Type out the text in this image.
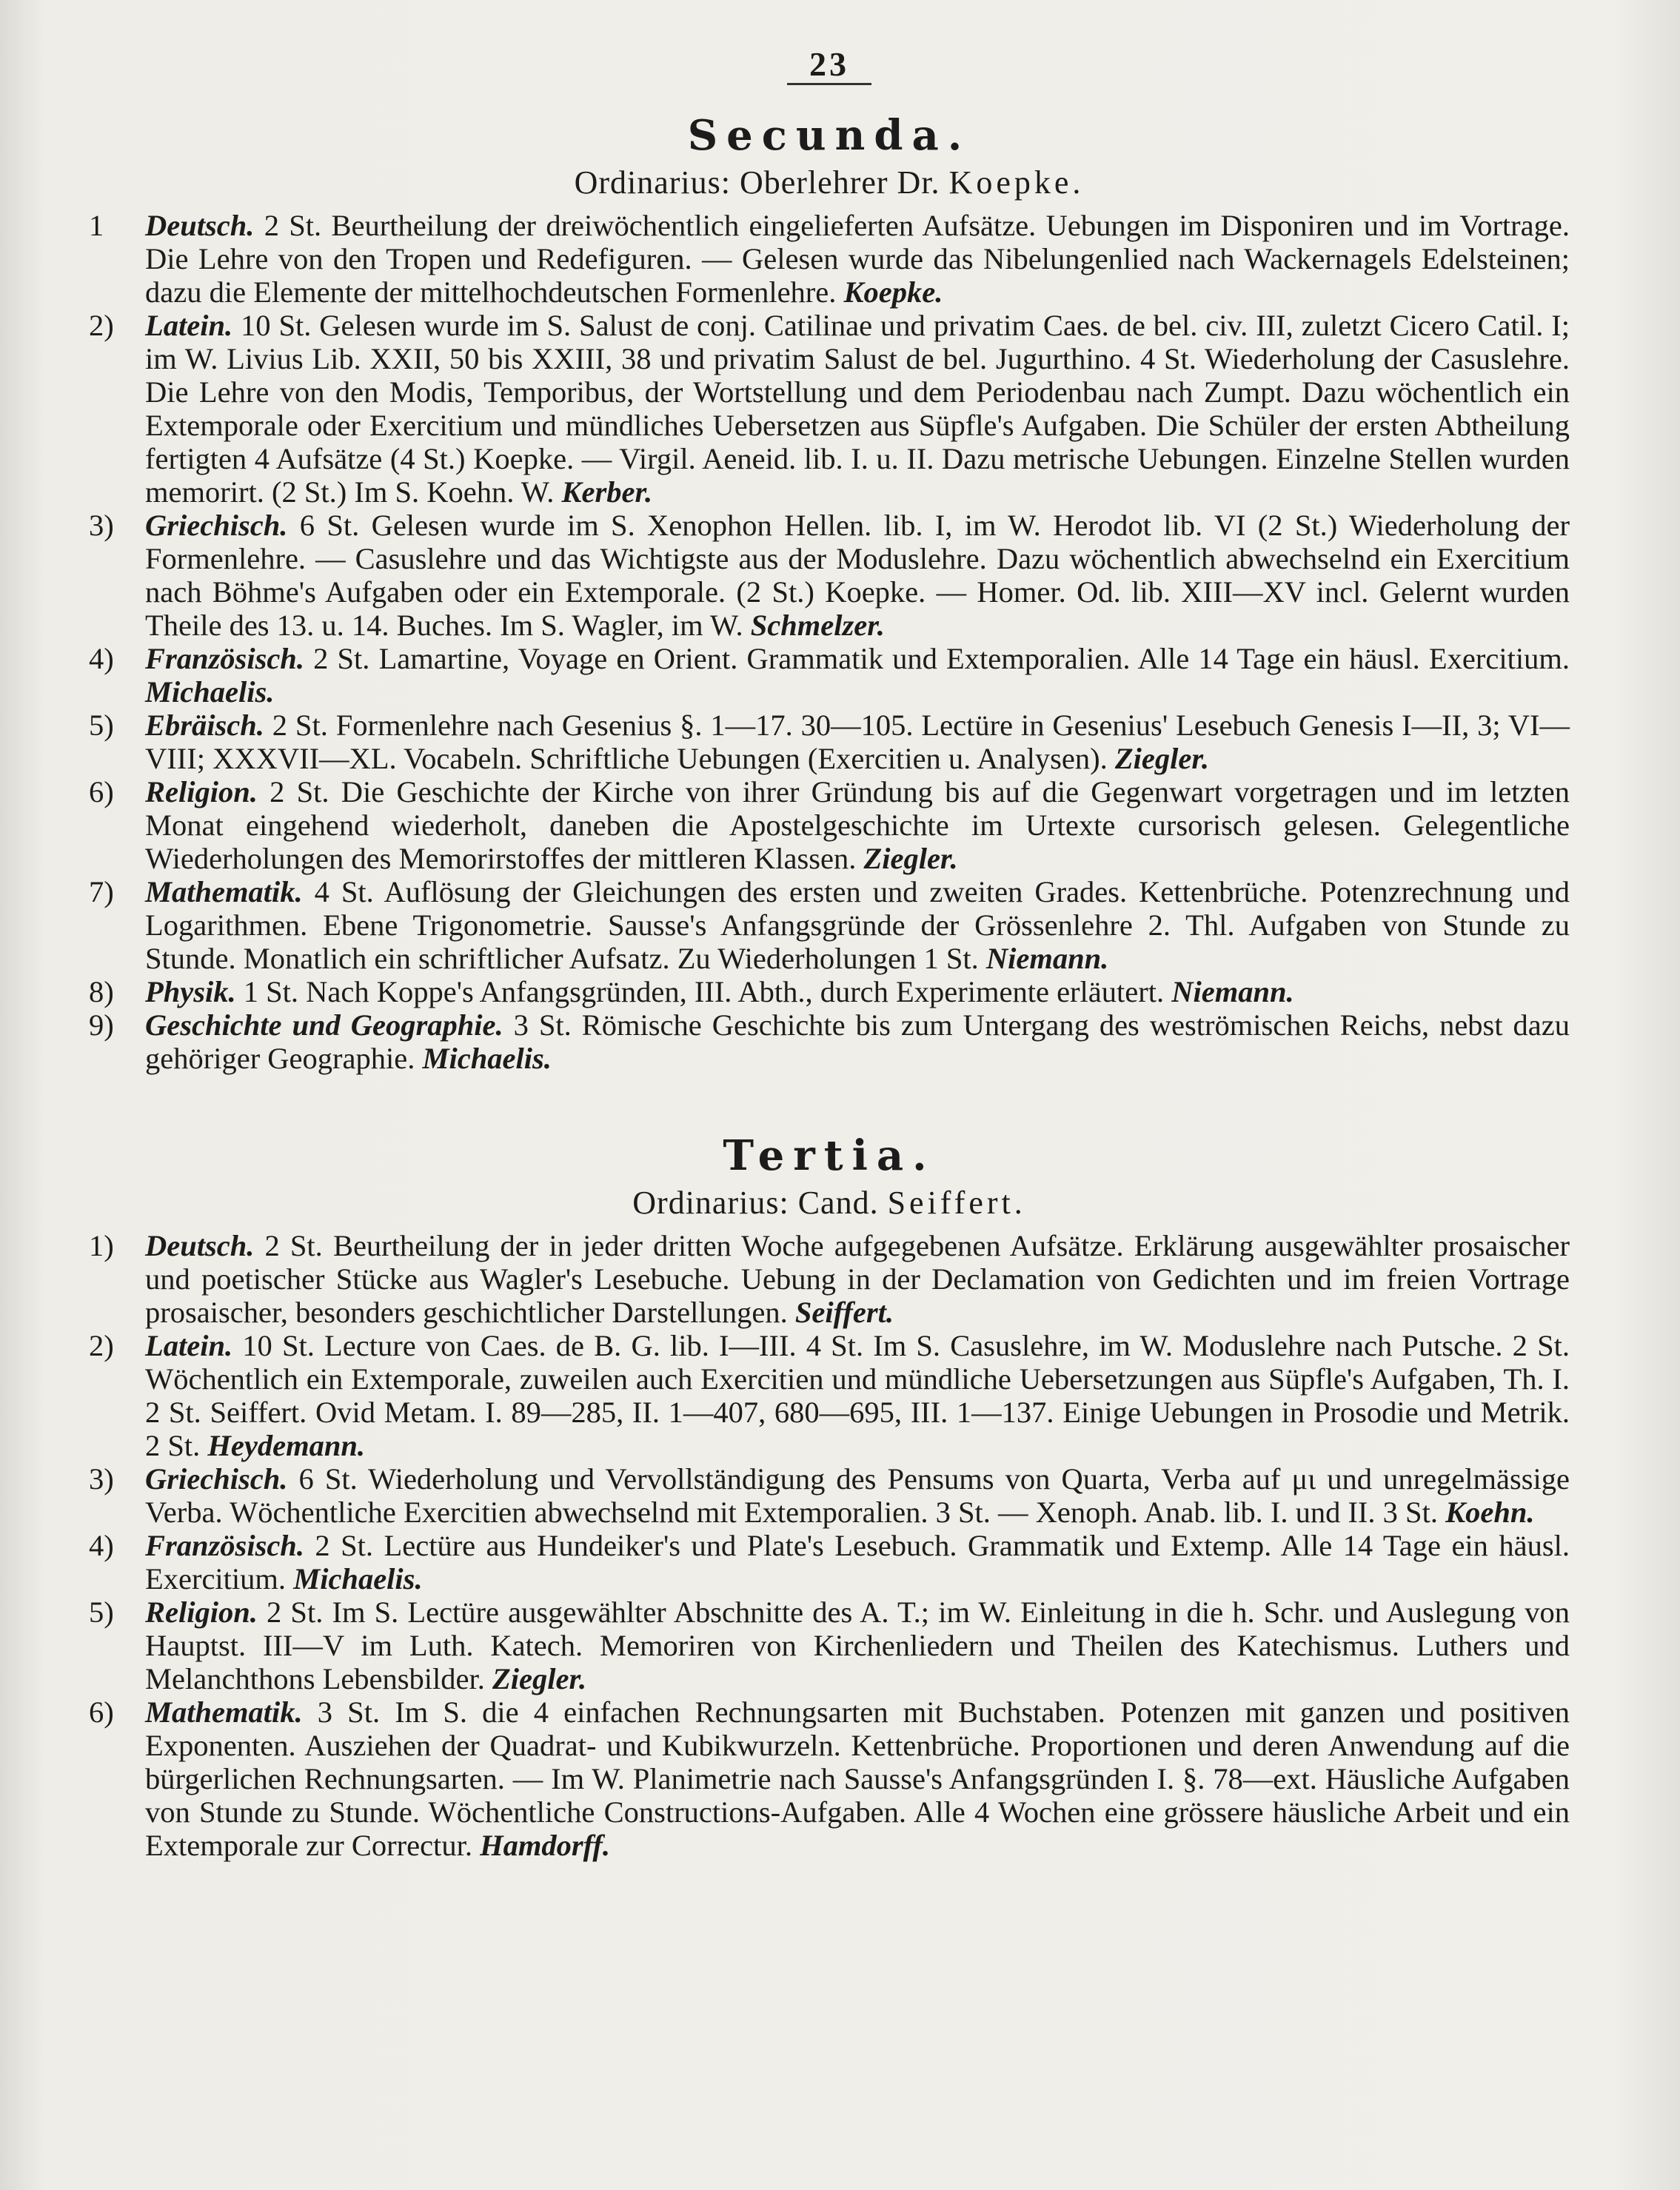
23
Secunda.
Ordinarius: Oberlehrer Dr. Koepke.
1	Deutsch. 2 St. Beurtheilung der dreiwöchentlich eingelieferten Aufsätze. Uebungen im Disponiren und im Vortrage. Die Lehre von den Tropen und Redefiguren. — Gelesen wurde das Nibelungenlied nach Wackernagels Edelsteinen; dazu die Elemente der mittelhochdeutschen Formenlehre. Koepke.
2)	Latein. 10 St. Gelesen wurde im S. Salust de conj. Catilinae und privatim Caes. de bel. civ. III, zuletzt Cicero Catil. I; im W. Livius Lib. XXII, 50 bis XXIII, 38 und privatim Salust de bel. Jugurthino. 4 St. Wiederholung der Casuslehre. Die Lehre von den Modis, Temporibus, der Wortstellung und dem Periodenbau nach Zumpt. Dazu wöchentlich ein Extemporale oder Exercitium und mündliches Uebersetzen aus Süpfle's Aufgaben. Die Schüler der ersten Abtheilung fertigten 4 Aufsätze (4 St.) Koepke. — Virgil. Aeneid. lib. I. u. II. Dazu metrische Uebungen. Einzelne Stellen wurden memorirt. (2 St.) Im S. Koehn. W. Kerber.
3)	Griechisch. 6 St. Gelesen wurde im S. Xenophon Hellen. lib. I, im W. Herodot lib. VI (2 St.) Wiederholung der Formenlehre. — Casuslehre und das Wichtigste aus der Moduslehre. Dazu wöchentlich abwechselnd ein Exercitium nach Böhme's Aufgaben oder ein Extemporale. (2 St.) Koepke. — Homer. Od. lib. XIII—XV incl. Gelernt wurden Theile des 13. u. 14. Buches. Im S. Wagler, im W. Schmelzer.
4)	Französisch. 2 St. Lamartine, Voyage en Orient. Grammatik und Extemporalien. Alle 14 Tage ein häusl. Exercitium. Michaelis.
5)	Ebräisch. 2 St. Formenlehre nach Gesenius §. 1—17. 30—105. Lectüre in Gesenius' Lesebuch Genesis I—II, 3; VI—VIII; XXXVII—XL. Vocabeln. Schriftliche Uebungen (Exercitien u. Analysen). Ziegler.
6)	Religion. 2 St. Die Geschichte der Kirche von ihrer Gründung bis auf die Gegenwart vorgetragen und im letzten Monat eingehend wiederholt, daneben die Apostelgeschichte im Urtexte cursorisch gelesen. Gelegentliche Wiederholungen des Memorirstoffes der mittleren Klassen. Ziegler.
7)	Mathematik. 4 St. Auflösung der Gleichungen des ersten und zweiten Grades. Kettenbrüche. Potenzrechnung und Logarithmen. Ebene Trigonometrie. Sausse's Anfangsgründe der Grössenlehre 2. Thl. Aufgaben von Stunde zu Stunde. Monatlich ein schriftlicher Aufsatz. Zu Wiederholungen 1 St. Niemann.
8)	Physik. 1 St. Nach Koppe's Anfangsgründen, III. Abth., durch Experimente erläutert. Niemann.
9)	Geschichte und Geographie. 3 St. Römische Geschichte bis zum Untergang des weströmischen Reichs, nebst dazu gehöriger Geographie. Michaelis.
Tertia.
Ordinarius: Cand. Seiffert.
1)	Deutsch. 2 St. Beurtheilung der in jeder dritten Woche aufgegebenen Aufsätze. Erklärung ausgewählter prosaischer und poetischer Stücke aus Wagler's Lesebuche. Uebung in der Declamation von Gedichten und im freien Vortrage prosaischer, besonders geschichtlicher Darstellungen. Seiffert.
2)	Latein. 10 St. Lecture von Caes. de B. G. lib. I—III. 4 St. Im S. Casuslehre, im W. Moduslehre nach Putsche. 2 St. Wöchentlich ein Extemporale, zuweilen auch Exercitien und mündliche Uebersetzungen aus Süpfle's Aufgaben, Th. I. 2 St. Seiffert. Ovid Metam. I. 89—285, II. 1—407, 680—695, III. 1—137. Einige Uebungen in Prosodie und Metrik. 2 St. Heydemann.
3)	Griechisch. 6 St. Wiederholung und Vervollständigung des Pensums von Quarta, Verba auf μι und unregelmässige Verba. Wöchentliche Exercitien abwechselnd mit Extemporalien. 3 St. — Xenoph. Anab. lib. I. und II. 3 St. Koehn.
4)	Französisch. 2 St. Lectüre aus Hundeiker's und Plate's Lesebuch. Grammatik und Extemp. Alle 14 Tage ein häusl. Exercitium. Michaelis.
5)	Religion. 2 St. Im S. Lectüre ausgewählter Abschnitte des A. T.; im W. Einleitung in die h. Schr. und Auslegung von Hauptst. III—V im Luth. Katech. Memoriren von Kirchenliedern und Theilen des Katechismus. Luthers und Melanchthons Lebensbilder. Ziegler.
6)	Mathematik. 3 St. Im S. die 4 einfachen Rechnungsarten mit Buchstaben. Potenzen mit ganzen und positiven Exponenten. Ausziehen der Quadrat- und Kubikwurzeln. Kettenbrüche. Proportionen und deren Anwendung auf die bürgerlichen Rechnungsarten. — Im W. Planimetrie nach Sausse's Anfangsgründen I. §. 78—ext. Häusliche Aufgaben von Stunde zu Stunde. Wöchentliche Constructions-Aufgaben. Alle 4 Wochen eine grössere häusliche Arbeit und ein Extemporale zur Correctur. Hamdorff.
